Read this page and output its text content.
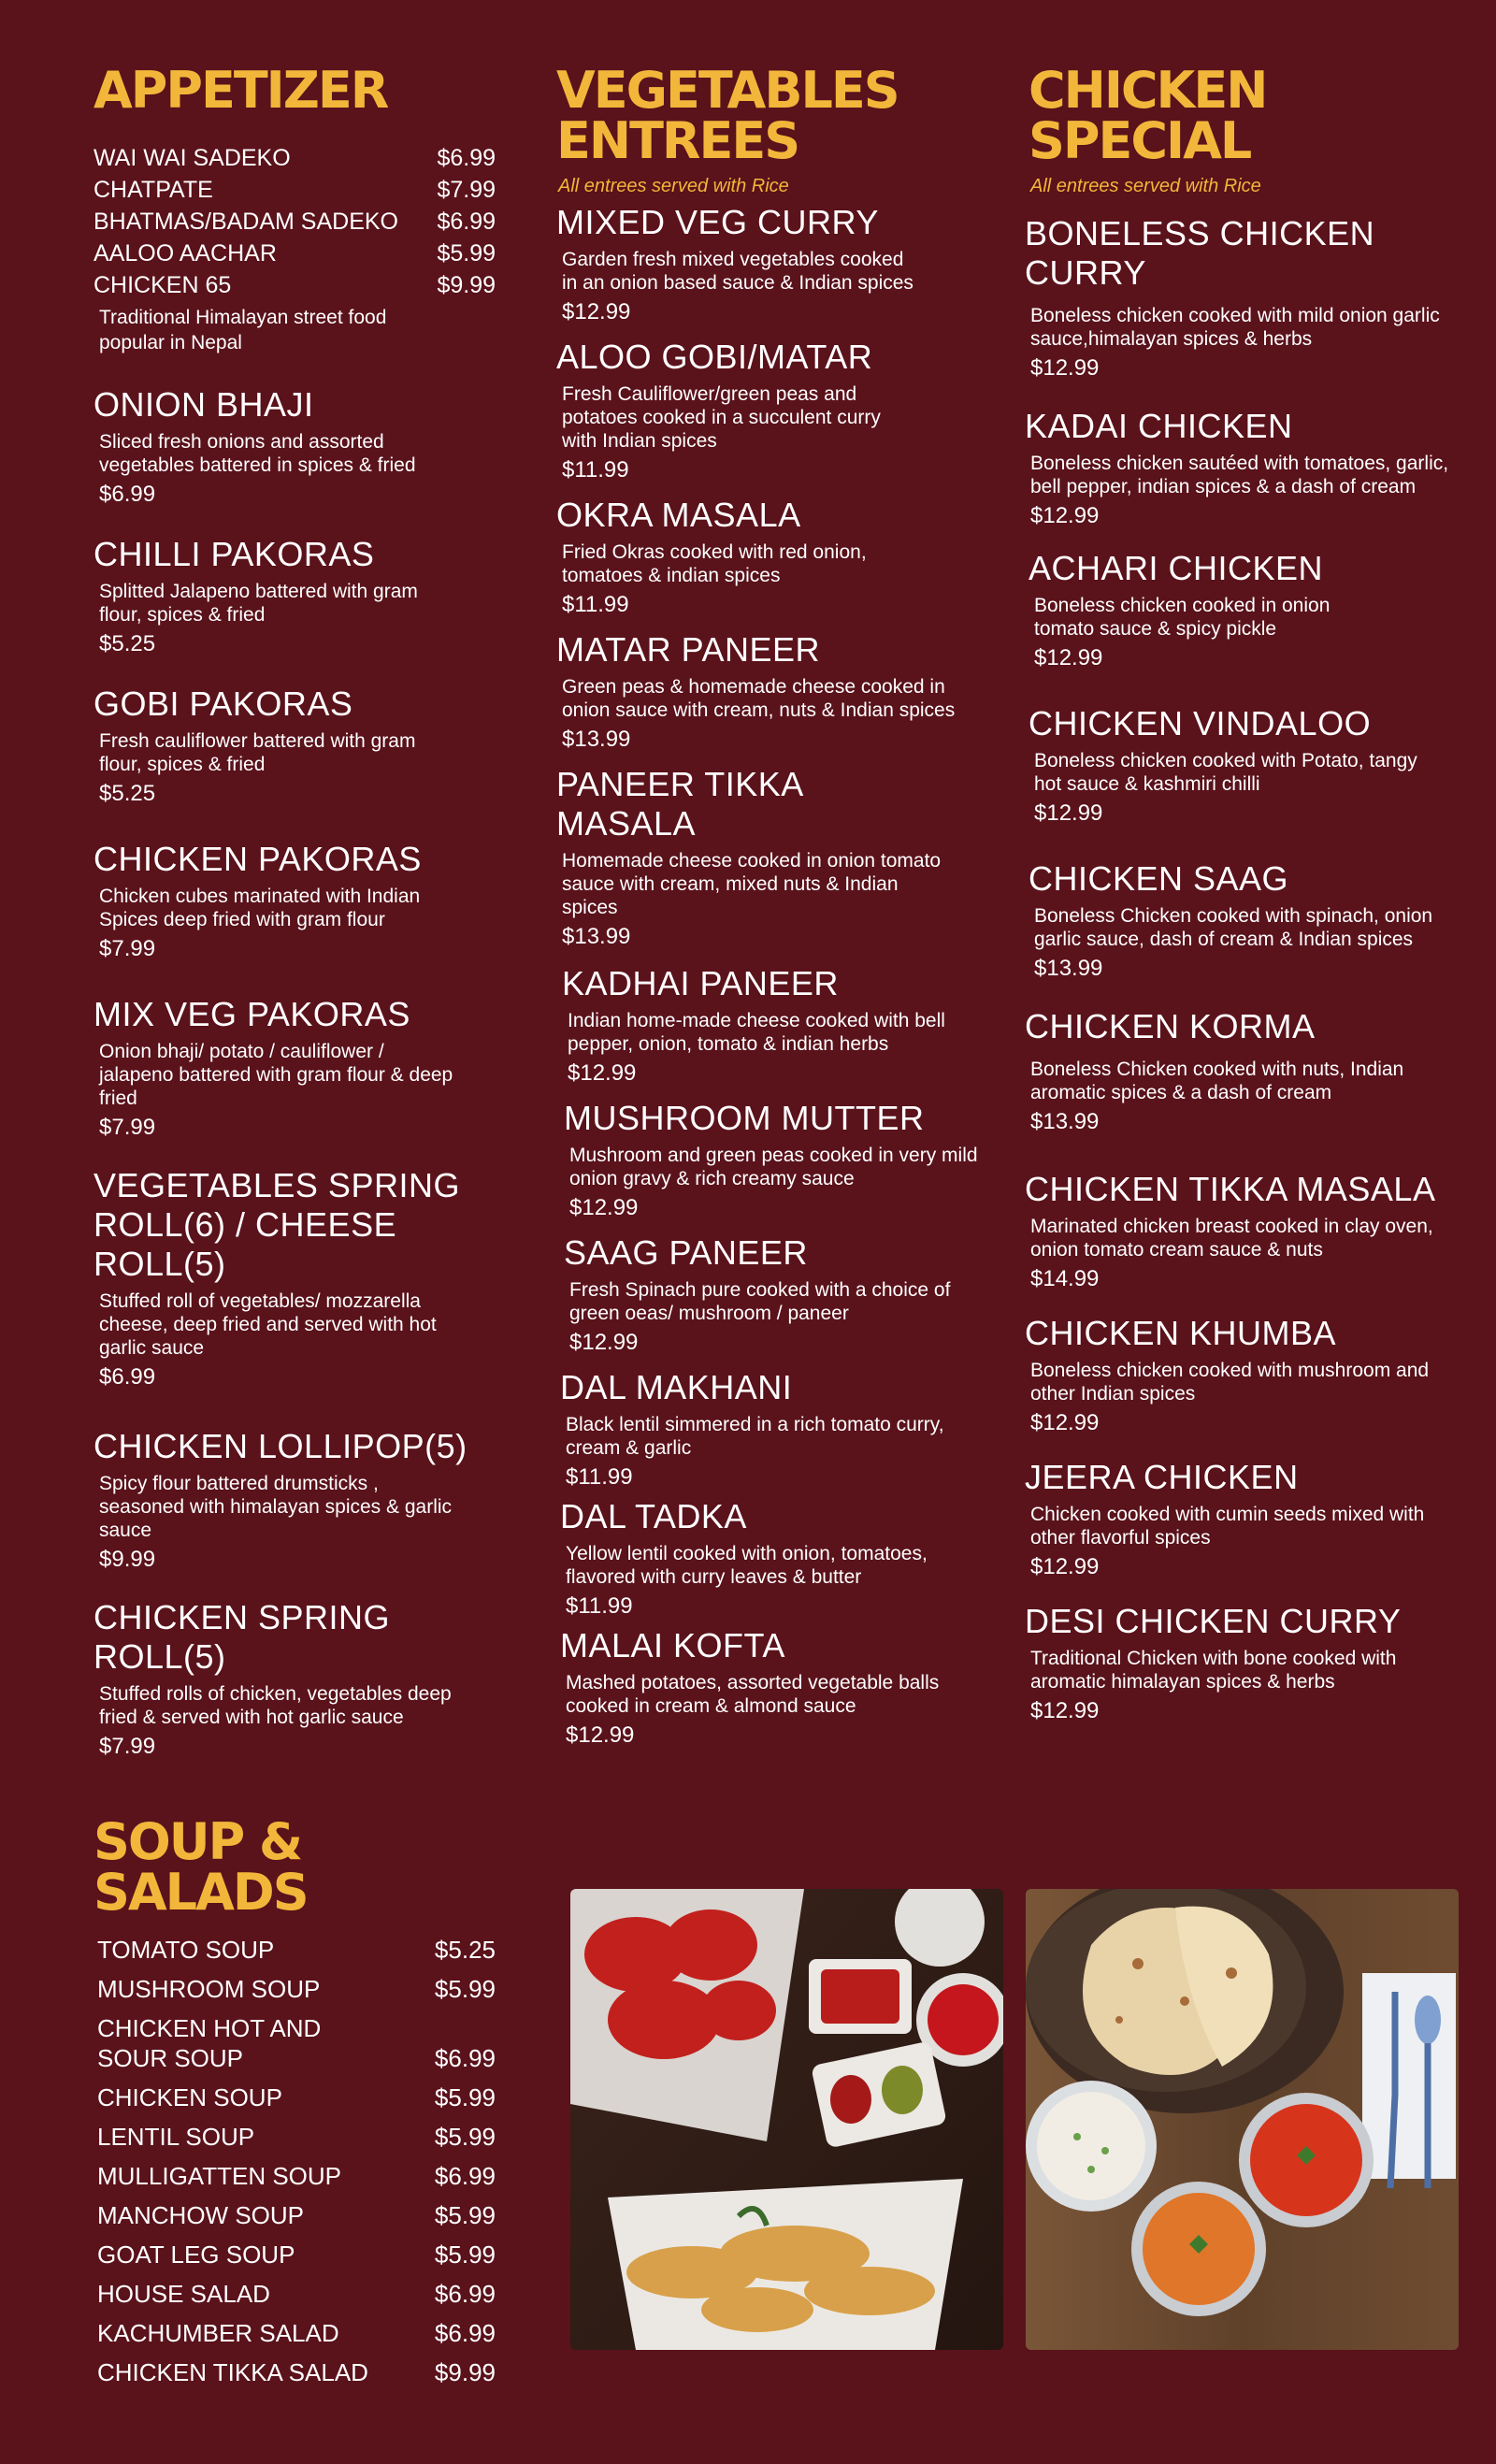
APPETIZER
WAI WAI SADEKO	$6.99
CHATPATE	$7.99
BHATMAS/BADAM SADEKO $6.99
AALOO AACHAR	$5.99
CHICKEN 65	$9.99
Traditional Himalayan street food popular in Nepal
ONION BHAJI
Sliced fresh onions and assorted vegetables battered in spices & fried
$6.99
CHILLI PAKORAS
Splitted Jalapeno battered with gram flour, spices & fried
$5.25
GOBI PAKORAS
Fresh cauliflower battered with gram flour, spices & fried
$5.25
CHICKEN PAKORAS
Chicken cubes marinated with Indian Spices deep fried with gram flour
$7.99
MIX VEG PAKORAS
Onion bhaji/ potato / cauliflower / jalapeno battered with gram flour & deep fried
$7.99
VEGETABLES SPRING ROLL(6) / CHEESE ROLL(5)
Stuffed roll of vegetables/ mozzarella cheese, deep fried and served with hot garlic sauce
$6.99
CHICKEN LOLLIPOP(5)
Spicy flour battered drumsticks , seasoned with himalayan spices & garlic sauce
$9.99
CHICKEN SPRING ROLL(5)
Stuffed rolls of chicken, vegetables deep fried & served with hot garlic sauce
$7.99
VEGETABLES
ENTREES
All entrees served with Rice
MIXED VEG CURRY
Garden fresh mixed vegetables cooked in an onion based sauce & Indian spices
$12.99
ALOO GOBI/MATAR
Fresh Cauliflower/green peas and potatoes cooked in a succulent curry with Indian spices
$11.99
OKRA MASALA
Fried Okras cooked with red onion, tomatoes & indian spices
$11.99
MATAR PANEER
Green peas & homemade cheese cooked in onion sauce with cream, nuts & Indian spices
$13.99
PANEER TIKKA MASALA
Homemade cheese cooked in onion tomato sauce with cream, mixed nuts & Indian spices
$13.99
KADHAI PANEER
Indian home-made cheese cooked with bell pepper, onion, tomato & indian herbs
$12.99
MUSHROOM MUTTER
Mushroom and green peas cooked in very mild onion gravy & rich creamy sauce
$12.99
SAAG PANEER
Fresh Spinach pure cooked with a choice of green oeas/ mushroom / paneer
$12.99
DAL MAKHANI
Black lentil simmered in a rich tomato curry, cream & garlic
$11.99
DAL TADKA
Yellow lentil cooked with onion, tomatoes, flavored with curry leaves & butter
$11.99
MALAI KOFTA
Mashed potatoes, assorted vegetable balls cooked in cream & almond sauce
$12.99
CHICKEN
SPECIAL
All entrees served with Rice
BONELESS CHICKEN CURRY
Boneless chicken cooked with mild onion garlic sauce,himalayan spices & herbs
$12.99
KADAI CHICKEN
Boneless chicken sautéed with tomatoes, garlic, bell pepper, indian spices & a dash of cream
$12.99
ACHARI CHICKEN
Boneless chicken cooked in onion tomato sauce & spicy pickle
$12.99
CHICKEN VINDALOO
Boneless chicken cooked with Potato, tangy hot sauce & kashmiri chilli
$12.99
CHICKEN SAAG
Boneless Chicken cooked with spinach, onion garlic sauce, dash of cream & Indian spices
$13.99
CHICKEN KORMA
Boneless Chicken cooked with nuts, Indian aromatic spices & a dash of cream
$13.99
CHICKEN TIKKA MASALA
Marinated chicken breast cooked in clay oven, onion tomato cream sauce & nuts
$14.99
CHICKEN KHUMBA
Boneless chicken cooked with mushroom and other Indian spices
$12.99
JEERA CHICKEN
Chicken cooked with cumin seeds mixed with other flavorful spices
$12.99
DESI CHICKEN CURRY
Traditional Chicken with bone cooked with aromatic himalayan spices & herbs
$12.99
SOUP & SALADS
TOMATO SOUP	$5.25
MUSHROOM SOUP	$5.99
CHICKEN HOT AND SOUR SOUP	$6.99
CHICKEN SOUP	$5.99
LENTIL SOUP	$5.99
MULLIGATTEN SOUP	$6.99
MANCHOW SOUP	$5.99
GOAT LEG SOUP	$5.99
HOUSE SALAD	$6.99
KACHUMBER SALAD	$6.99
CHICKEN TIKKA SALAD	$9.99
